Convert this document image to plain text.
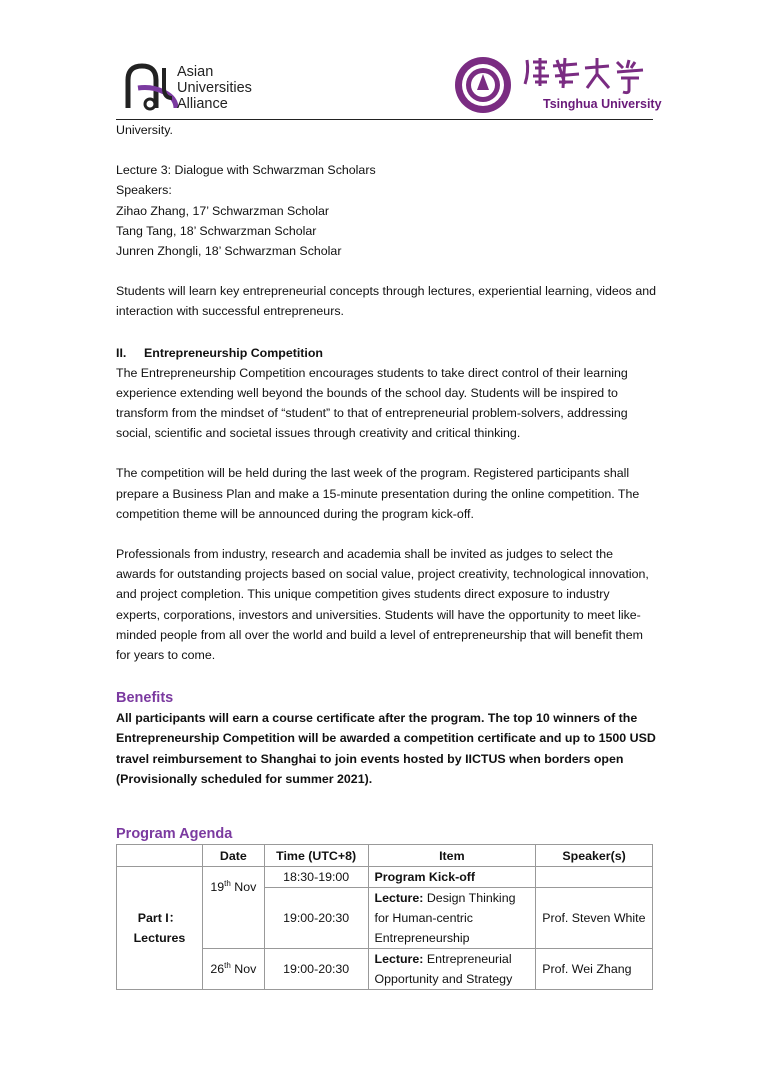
Asian
Universities
Alliance	Tsinghua University
University.
Lecture 3: Dialogue with Schwarzman Scholars
Speakers:
Zihao Zhang, 17’ Schwarzman Scholar
Tang Tang, 18’ Schwarzman Scholar
Junren Zhongli, 18’ Schwarzman Scholar
Students will learn key entrepreneurial concepts through lectures, experiential learning, videos and interaction with successful entrepreneurs.
II. Entrepreneurship Competition
The Entrepreneurship Competition encourages students to take direct control of their learning experience extending well beyond the bounds of the school day. Students will be inspired to transform from the mindset of “student” to that of entrepreneurial problem-solvers, addressing social, scientific and societal issues through creativity and critical thinking.
The competition will be held during the last week of the program. Registered participants shall prepare a Business Plan and make a 15-minute presentation during the online competition. The competition theme will be announced during the program kick-off.
Professionals from industry, research and academia shall be invited as judges to select the awards for outstanding projects based on social value, project creativity, technological innovation, and project completion. This unique competition gives students direct exposure to industry experts, corporations, investors and universities. Students will have the opportunity to meet like-minded people from all over the world and build a level of entrepreneurship that will benefit them for years to come.
Benefits
All participants will earn a course certificate after the program. The top 10 winners of the Entrepreneurship Competition will be awarded a competition certificate and up to 1500 USD travel reimbursement to Shanghai to join events hosted by IICTUS when borders open (Provisionally scheduled for summer 2021).
Program Agenda
	Date	Time (UTC+8)	Item	Speaker(s)

Part I：
Lectures	19th Nov	18:30-19:00	Program Kick-off	
		19:00-20:30	Lecture: Design Thinking for Human-centric Entrepreneurship	Prof. Steven White
	26th Nov	19:00-20:30	Lecture: Entrepreneurial Opportunity and Strategy	Prof. Wei Zhang
